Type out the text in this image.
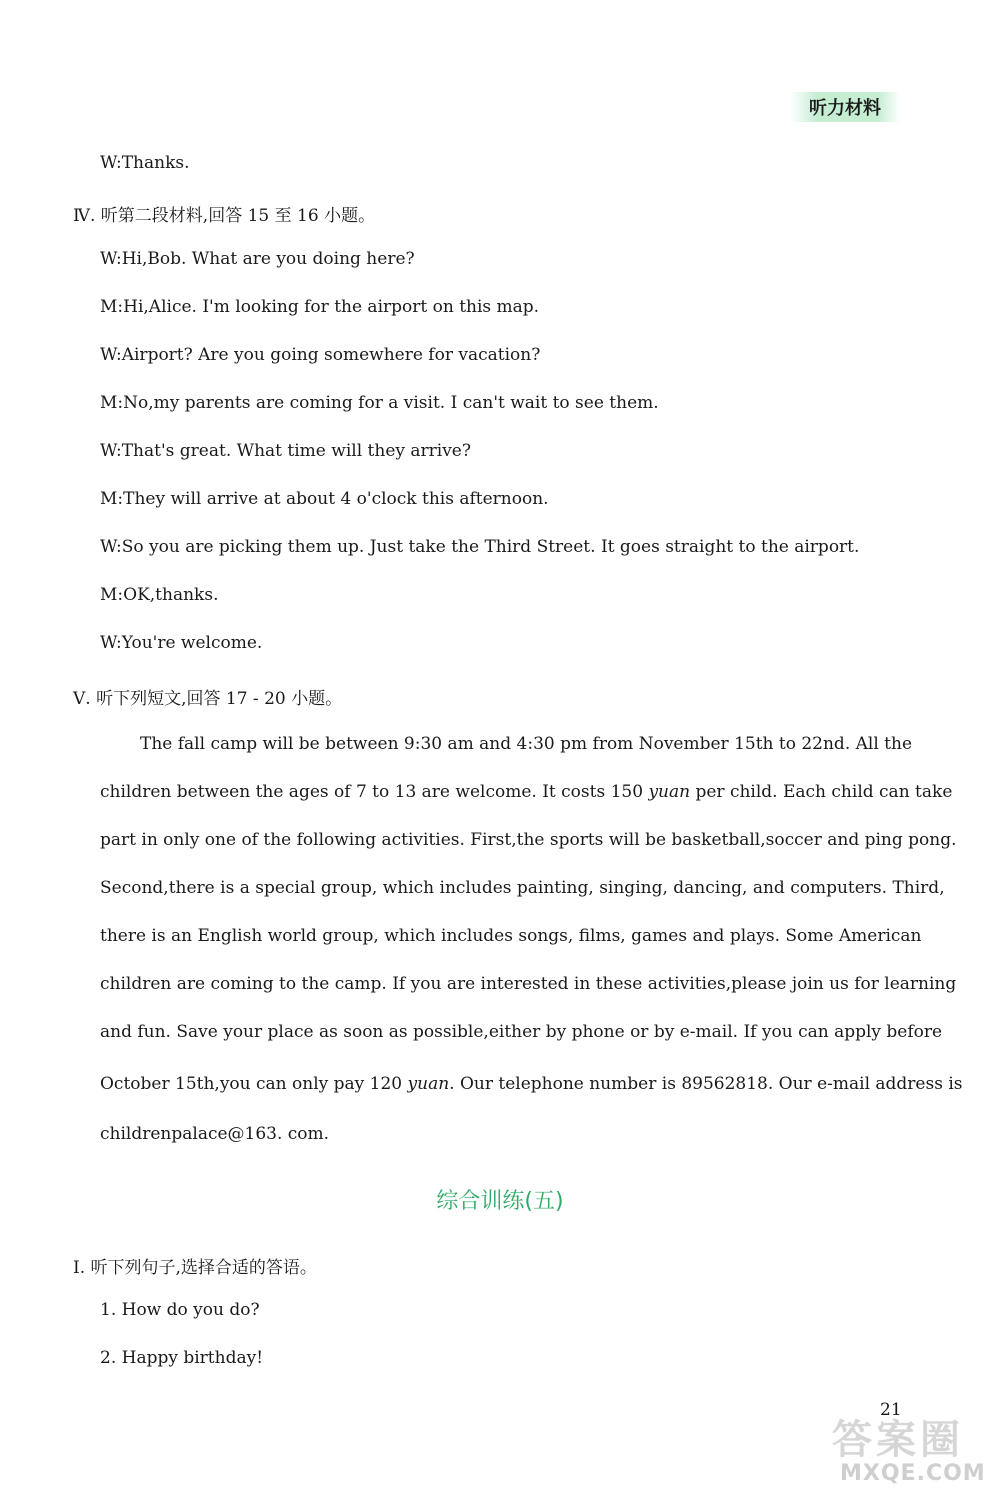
听力材料
W:Thanks.
Ⅳ. 听第二段材料,回答 15 至 16 小题。
W:Hi,Bob. What are you doing here?
M:Hi,Alice. I'm looking for the airport on this map.
W:Airport? Are you going somewhere for vacation?
M:No,my parents are coming for a visit. I can't wait to see them.
W:That's great. What time will they arrive?
M:They will arrive at about 4 o'clock this afternoon.
W:So you are picking them up. Just take the Third Street. It goes straight to the airport.
M:OK,thanks.
W:You're welcome.
Ⅴ. 听下列短文,回答 17 - 20 小题。
The fall camp will be between 9:30 am and 4:30 pm from November 15th to 22nd. All the
children between the ages of 7 to 13 are welcome. It costs 150 yuan per child. Each child can take
part in only one of the following activities. First,the sports will be basketball,soccer and ping pong.
Second,there is a special group, which includes painting, singing, dancing, and computers. Third,
there is an English world group, which includes songs, films, games and plays. Some American
children are coming to the camp. If you are interested in these activities,please join us for learning
and fun. Save your place as soon as possible,either by phone or by e-mail. If you can apply before
October 15th,you can only pay 120 yuan. Our telephone number is 89562818. Our e-mail address is
childrenpalace@163. com.
综合训练(五)
Ⅰ. 听下列句子,选择合适的答语。
1. How do you do?
2. Happy birthday!
21
答案圈
MXQE.COM
